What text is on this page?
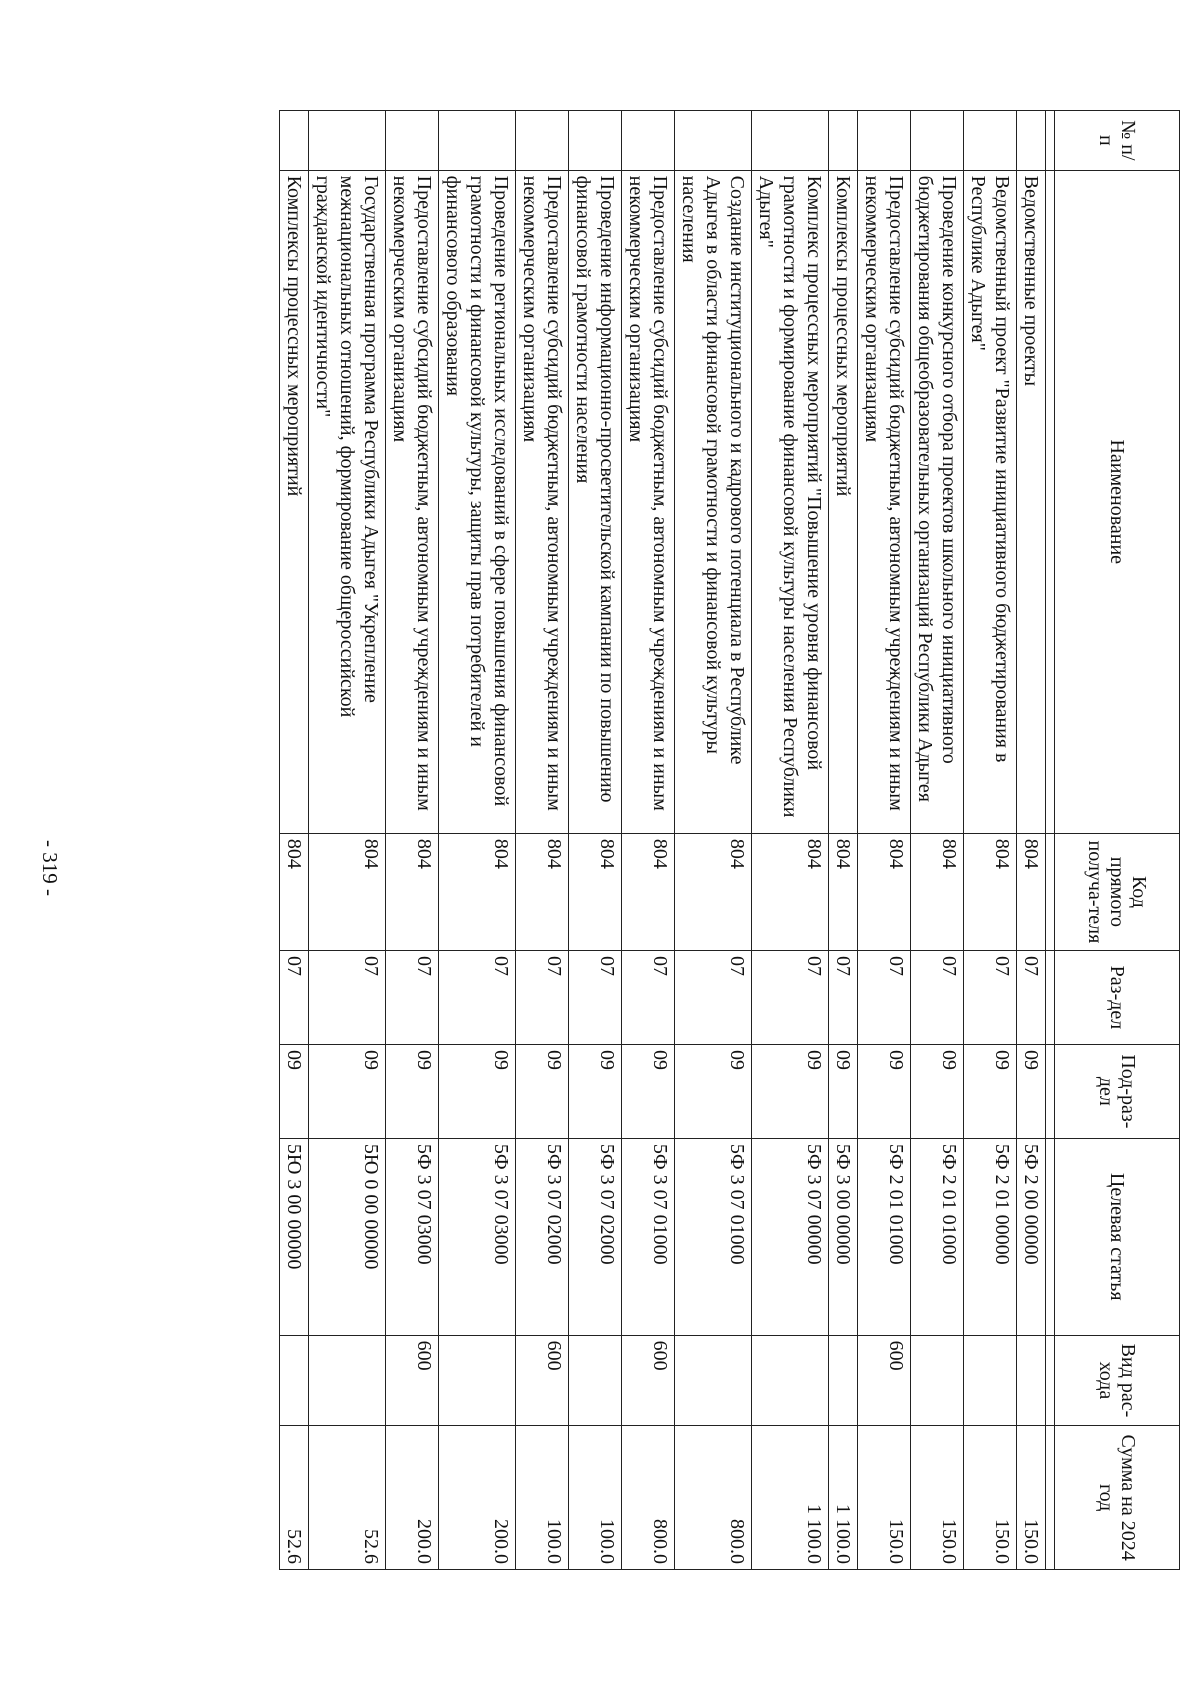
- 319 -
№ п/п	Наименование	Код прямого получа-теля	Раз-дел	Под-раз-дел	Целевая статья	Вид рас-хода	Сумма на 2024 год

	Ведомственные проекты	804	07	09	5Ф 2 00 00000		150.0
	Ведомственный проект "Развитие инициативного бюджетирования в Республике Адыгея"	804	07	09	5Ф 2 01 00000		150.0
	Проведение конкурсного отбора проектов школьного инициативного бюджетирования общеобразовательных организаций Республики Адыгея	804	07	09	5Ф 2 01 01000		150.0
	Предоставление субсидий бюджетным, автономным учреждениям и иным некоммерческим организациям	804	07	09	5Ф 2 01 01000	600	150.0
	Комплексы процессных мероприятий	804	07	09	5Ф 3 00 00000		1 100.0
	Комплекс процессных мероприятий "Повышение уровня финансовой грамотности и формирование финансовой культуры населения Республики Адыгея"	804	07	09	5Ф 3 07 00000		1 100.0
	Создание институционального и кадрового потенциала в Республике Адыгея в области финансовой грамотности и финансовой культуры населения	804	07	09	5Ф 3 07 01000		800.0
	Предоставление субсидий бюджетным, автономным учреждениям и иным некоммерческим организациям	804	07	09	5Ф 3 07 01000	600	800.0
	Проведение информационно-просветительской кампании по повышению финансовой грамотности населения	804	07	09	5Ф 3 07 02000		100.0
	Предоставление субсидий бюджетным, автономным учреждениям и иным некоммерческим организациям	804	07	09	5Ф 3 07 02000	600	100.0
	Проведение региональных исследований в сфере повышения финансовой грамотности и финансовой культуры, защиты прав потребителей и финансового образования	804	07	09	5Ф 3 07 03000		200.0
	Предоставление субсидий бюджетным, автономным учреждениям и иным некоммерческим организациям	804	07	09	5Ф 3 07 03000	600	200.0
	Государственная программа Республики Адыгея "Укрепление межнациональных отношений, формирование общероссийской гражданской идентичности"	804	07	09	5Ю 0 00 00000		52.6
	Комплексы процессных мероприятий	804	07	09	5Ю 3 00 00000		52.6
